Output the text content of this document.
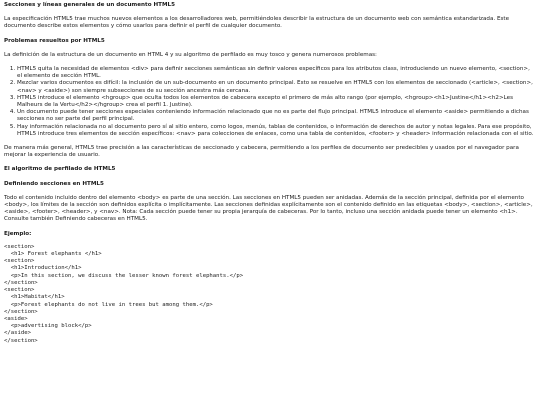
Secciones y líneas generales de un documento HTML5

La especificación HTML5 trae muchos nuevos elementos a los desarrolladores web, permitiéndoles describir la estructura de un documento web con semántica estandarizada. Este documento describe estos elementos y cómo usarlos para definir el perfil de cualquier documento.

Problemas resueltos por HTML5

La definición de la estructura de un documento en HTML 4 y su algoritmo de perfilado es muy tosco y genera numerosos problemas:

1. HTML5 quita la necesidad de elementos <div> para definir secciones semánticas sin definir valores específicos para los atributos class, introduciendo un nuevo elemento, <section>, el elemento de sección HTML.
2. Mezclar varios documentos es difícil: la inclusión de un sub-documento en un documento principal. Esto se resuelve en HTML5 con los elementos de seccionado (<article>, <section>, <nav> y <aside>) son siempre subsecciones de su sección ancestra más cercana.
3. HTML5 introduce el elemento <hgroup> que oculta todos los elementos de cabecera excepto el primero de más alto rango (por ejemplo, <hgroup><h1>Justine</h1><h2>Les Malheurs de la Vertu</h2></hgroup> crea el perfil 1. Justine).
4. Un documento puede tener secciones especiales conteniendo información relacionado que no es parte del flujo principal. HTML5 introduce el elemento <aside> permitiendo a dichas secciones no ser parte del perfil principal.
5. Hay información relacionada no al documento pero sí al sitio entero, como logos, menús, tablas de contenidos, o información de derechos de autor y notas legales. Para ese propósito, HTML5 introduce tres elementos de sección específicos: <nav> para colecciones de enlaces, como una tabla de contenidos, <footer> y <header> información relacionada con el sitio.

De manera más general, HTML5 trae precisión a las características de seccionado y cabecera, permitiendo a los perfiles de documento ser predecibles y usados por el navegador para mejorar la experiencia de usuario.

El algoritmo de perfilado de HTML5
Definiendo secciones en HTML5

Todo el contenido incluido dentro del elemento <body> es parte de una sección. Las secciones en HTML5 pueden ser anidadas. Además de la sección principal, definida por el elemento <body>, los límites de la sección son definidos explícita o implícitamente. Las secciones definidas explícitamente son el contenido definido en las etiquetas <body>, <section>, <article>, <aside>, <footer>, <header>, y <nav>. Nota: Cada sección puede tener su propia jerarquía de cabeceras. Por lo tanto, incluso una sección anidada puede tener un elemento <h1>. Consulte también Definiendo cabeceras en HTML5.

Ejemplo:
<section>
<h1> Forest elephants </h1>
<section>
<h1>Introduction</h1>
<p>In this section, we discuss the lesser known forest elephants.</p>
</section>
<section>
<h1>Habitat</h1>
<p>Forest elephants do not live in trees but among them.</p>
</section>
<aside>
<p>advertising block</p>
</aside>
</section>
